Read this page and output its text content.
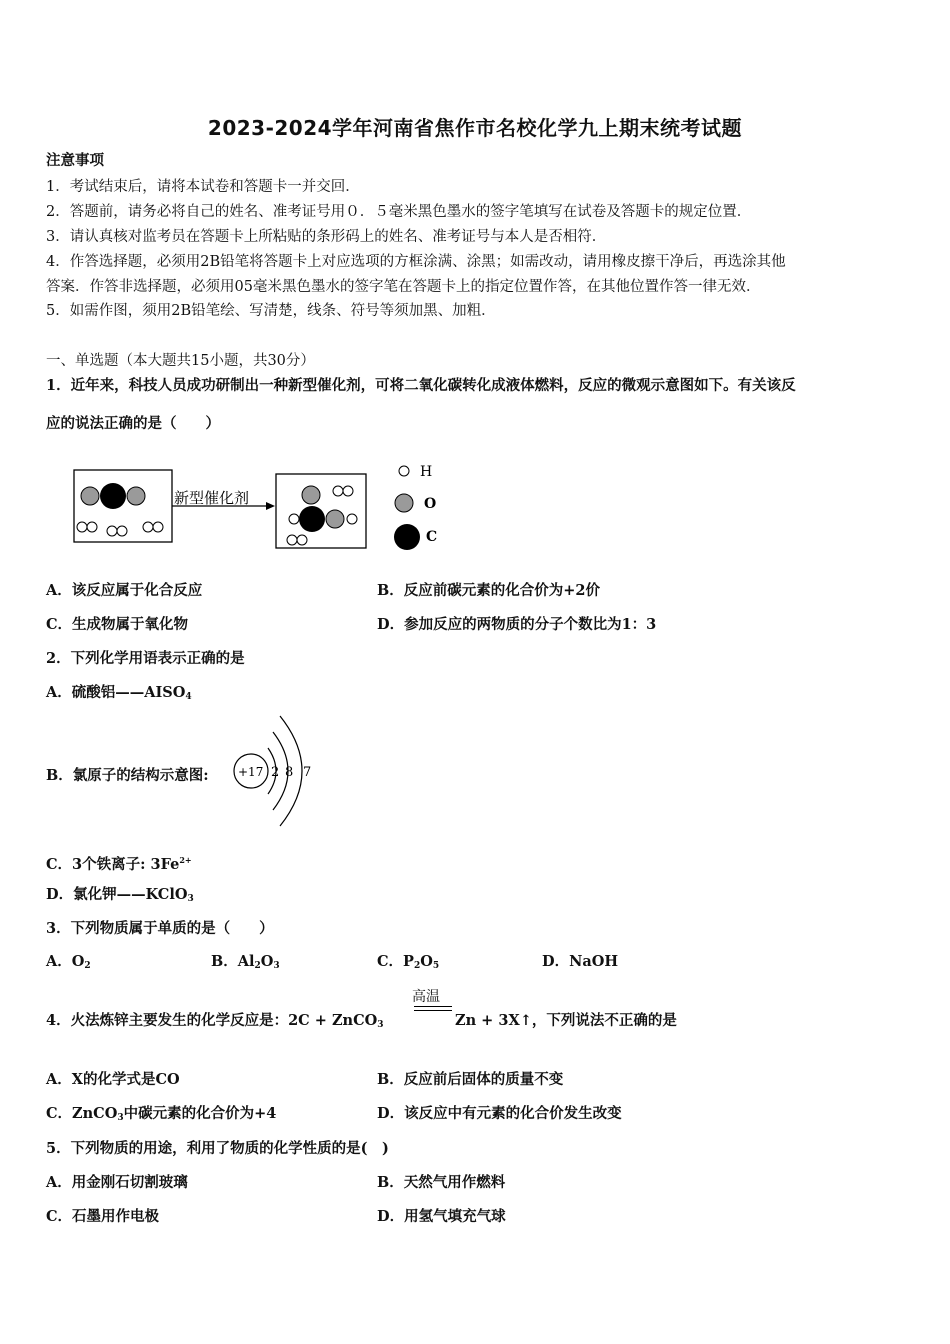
2023-2024学年河南省焦作市名校化学九上期末统考试题
注意事项
1．考试结束后，请将本试卷和答题卡一并交回．
2．答题前，请务必将自己的姓名、准考证号用０．５毫米黑色墨水的签字笔填写在试卷及答题卡的规定位置．
3．请认真核对监考员在答题卡上所粘贴的条形码上的姓名、准考证号与本人是否相符．
4．作答选择题，必须用2B铅笔将答题卡上对应选项的方框涂满、涂黑；如需改动，请用橡皮擦干净后，再选涂其他
答案．作答非选择题，必须用05毫米黑色墨水的签字笔在答题卡上的指定位置作答，在其他位置作答一律无效．
5．如需作图，须用2B铅笔绘、写清楚，线条、符号等须加黑、加粗．
一、单选题（本大题共15小题，共30分）
1．近年来，科技人员成功研制出一种新型催化剂，可将二氧化碳转化成液体燃料，反应的微观示意图如下。有关该反
应的说法正确的是（　　）
新型催化剂
H
O
C
A．该反应属于化合反应	B．反应前碳元素的化合价为+2价
C．生成物属于氧化物	D．参加反应的两物质的分子个数比为1：3
2．下列化学用语表示正确的是
A．硫酸铝$——AISO_4$
B．氯原子的结构示意图: +17 2 8 7
C．3个铁离子: $3Fe^{2+}$
D．氯化钾——KClO$_3$
3．下列物质属于单质的是（　　）
A．$O_2$	B．$Al_2O_3$	C．$P_2O_5$	D．NaOH
4．火法炼锌主要发生的化学反应是：2C + ZnCO$_3$
高温
Zn + 3X↑，下列说法不正确的是
A．X的化学式是CO	B．反应前后固体的质量不变
C．ZnCO$_3$中碳元素的化合价为+4	D．该反应中有元素的化合价发生改变
5．下列物质的用途，利用了物质的化学性质的是(　)
A．用金刚石切割玻璃	B．天然气用作燃料
C．石墨用作电极	D．用氢气填充气球
